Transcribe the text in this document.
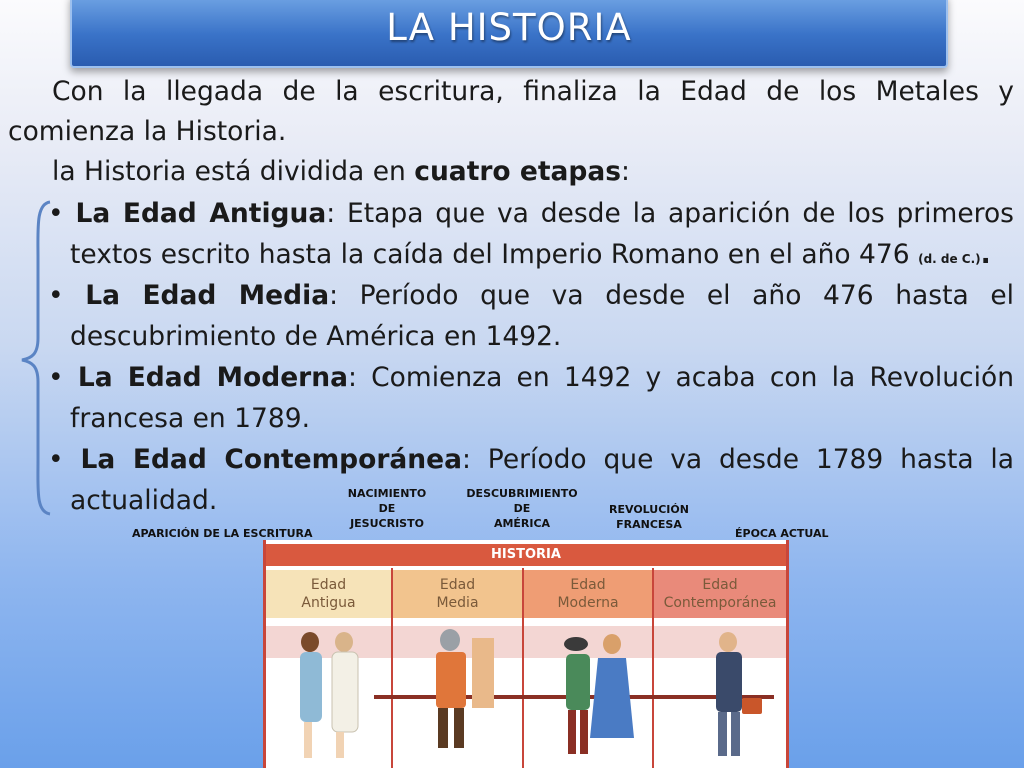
LA HISTORIA
Con la llegada de la escritura, finaliza la Edad de los Metales y
comienza la Historia.
la Historia está dividida en cuatro etapas:
• La Edad Antigua: Etapa que va desde la aparición de los primeros
textos escrito hasta la caída del Imperio Romano en el año 476 (d. de C.).
• La Edad Media: Período que va desde el año 476 hasta el
descubrimiento de América en 1492.
• La Edad Moderna: Comienza en 1492 y acaba con la Revolución
francesa en 1789.
• La Edad Contemporánea: Período que va desde 1789 hasta la
actualidad.
APARICIÓN DE LA ESCRITURA
NACIMIENTO
DE
JESUCRISTO
DESCUBRIMIENTO
DE
AMÉRICA
REVOLUCIÓN
FRANCESA
ÉPOCA ACTUAL
HISTORIA
Edad
Antigua
Edad
Media
Edad
Moderna
Edad
Contemporánea
